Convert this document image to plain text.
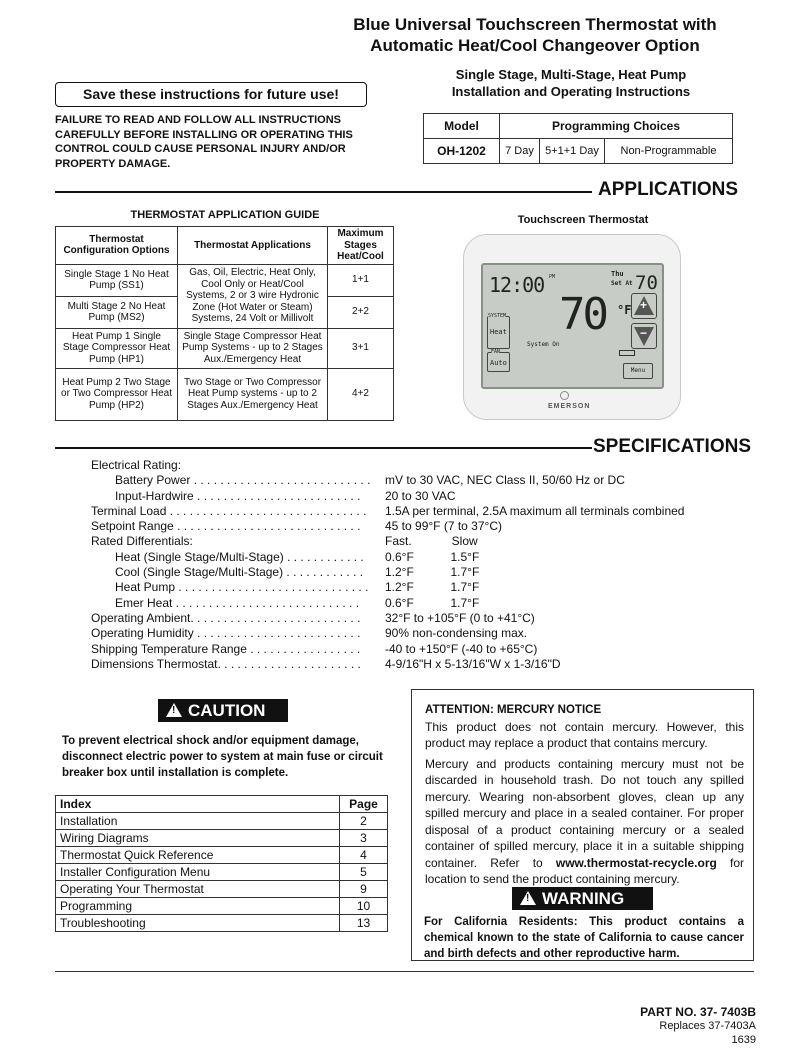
Blue Universal Touchscreen Thermostat with
Automatic Heat/Cool Changeover Option
Single Stage, Multi-Stage, Heat Pump
Installation and Operating Instructions
Save these instructions for future use!
FAILURE TO READ AND FOLLOW ALL INSTRUCTIONS CAREFULLY BEFORE INSTALLING OR OPERATING THIS CONTROL COULD CAUSE PERSONAL INJURY AND/OR PROPERTY DAMAGE.
Model	Programming Choices		
OH-1202	7 Day	5+1+1 Day	Non-Programmable
APPLICATIONS
THERMOSTAT APPLICATION GUIDE
Thermostat Configuration Options	Thermostat Applications	Maximum Stages Heat/Cool
Single Stage 1 No Heat Pump (SS1)	Gas, Oil, Electric, Heat Only, Cool Only or Heat/Cool Systems, 2 or 3 wire Hydronic Zone (Hot Water or Steam) Systems, 24 Volt or Millivolt	1+1
Multi Stage 2 No Heat Pump (MS2)		2+2
Heat Pump 1 Single Stage Compressor Heat Pump (HP1)	Single Stage Compressor Heat Pump Systems - up to 2 Stages Aux./Emergency Heat	3+1
Heat Pump 2 Two Stage or Two Compressor Heat Pump (HP2)	Two Stage or Two Compressor Heat Pump systems - up to 2 Stages Aux./Emergency Heat	4+2
Touchscreen Thermostat
12:00 PM	Thu
Set At 70
70 °F
SYSTEM
Heat
System On
FAN
Auto
+
−
Menu
EMERSON
SPECIFICATIONS
Electrical Rating:
Battery Power . . . . . . . . . . . . . . . . . . . . . . . . . . .	mV to 30 VAC, NEC Class II, 50/60 Hz or DC
Input-Hardwire . . . . . . . . . . . . . . . . . . . . . . . . .	20 to 30 VAC
Terminal Load . . . . . . . . . . . . . . . . . . . . . . . . . . . . . .	1.5A per terminal, 2.5A maximum all terminals combined
Setpoint Range . . . . . . . . . . . . . . . . . . . . . . . . . . . .	45 to 99°F (7 to 37°C)
Rated Differentials:	Fast.            Slow
Heat (Single Stage/Multi-Stage) . . . . . . . . . . . .	0.6°F           1.5°F
Cool (Single Stage/Multi-Stage) . . . . . . . . . . . .	1.2°F           1.7°F
Heat Pump . . . . . . . . . . . . . . . . . . . . . . . . . . . . .	1.2°F           1.7°F
Emer Heat . . . . . . . . . . . . . . . . . . . . . . . . . . . .	0.6°F           1.7°F
Operating Ambient. . . . . . . . . . . . . . . . . . . . . . . . . .	32°F to +105°F (0 to +41°C)
Operating Humidity . . . . . . . . . . . . . . . . . . . . . . . . .	90% non-condensing max.
Shipping Temperature Range . . . . . . . . . . . . . . . . .	-40 to +150°F (-40 to +65°C)
Dimensions Thermostat. . . . . . . . . . . . . . . . . . . . . .	4-9/16"H x 5-13/16"W x 1-3/16"D
! CAUTION
To prevent electrical shock and/or equipment damage, disconnect electric power to system at main fuse or circuit breaker box until installation is complete.
Index	Page
Installation	2
Wiring Diagrams	3
Thermostat Quick Reference	4
Installer Configuration Menu	5
Operating Your Thermostat	9
Programming	10
Troubleshooting	13
ATTENTION: MERCURY NOTICE
This product does not contain mercury. However, this product may replace a product that contains mercury.
Mercury and products containing mercury must not be discarded in household trash. Do not touch any spilled mercury. Wearing non-absorbent gloves, clean up any spilled mercury and place in a sealed container. For proper disposal of a product containing mercury or a sealed container of spilled mercury, place it in a suitable shipping container. Refer to www.thermostat-recycle.org for location to send the product containing mercury.
! WARNING
For California Residents: This product contains a chemical known to the state of California to cause cancer and birth defects and other reproductive harm.
PART NO. 37- 7403B
Replaces 37-7403A
1639
